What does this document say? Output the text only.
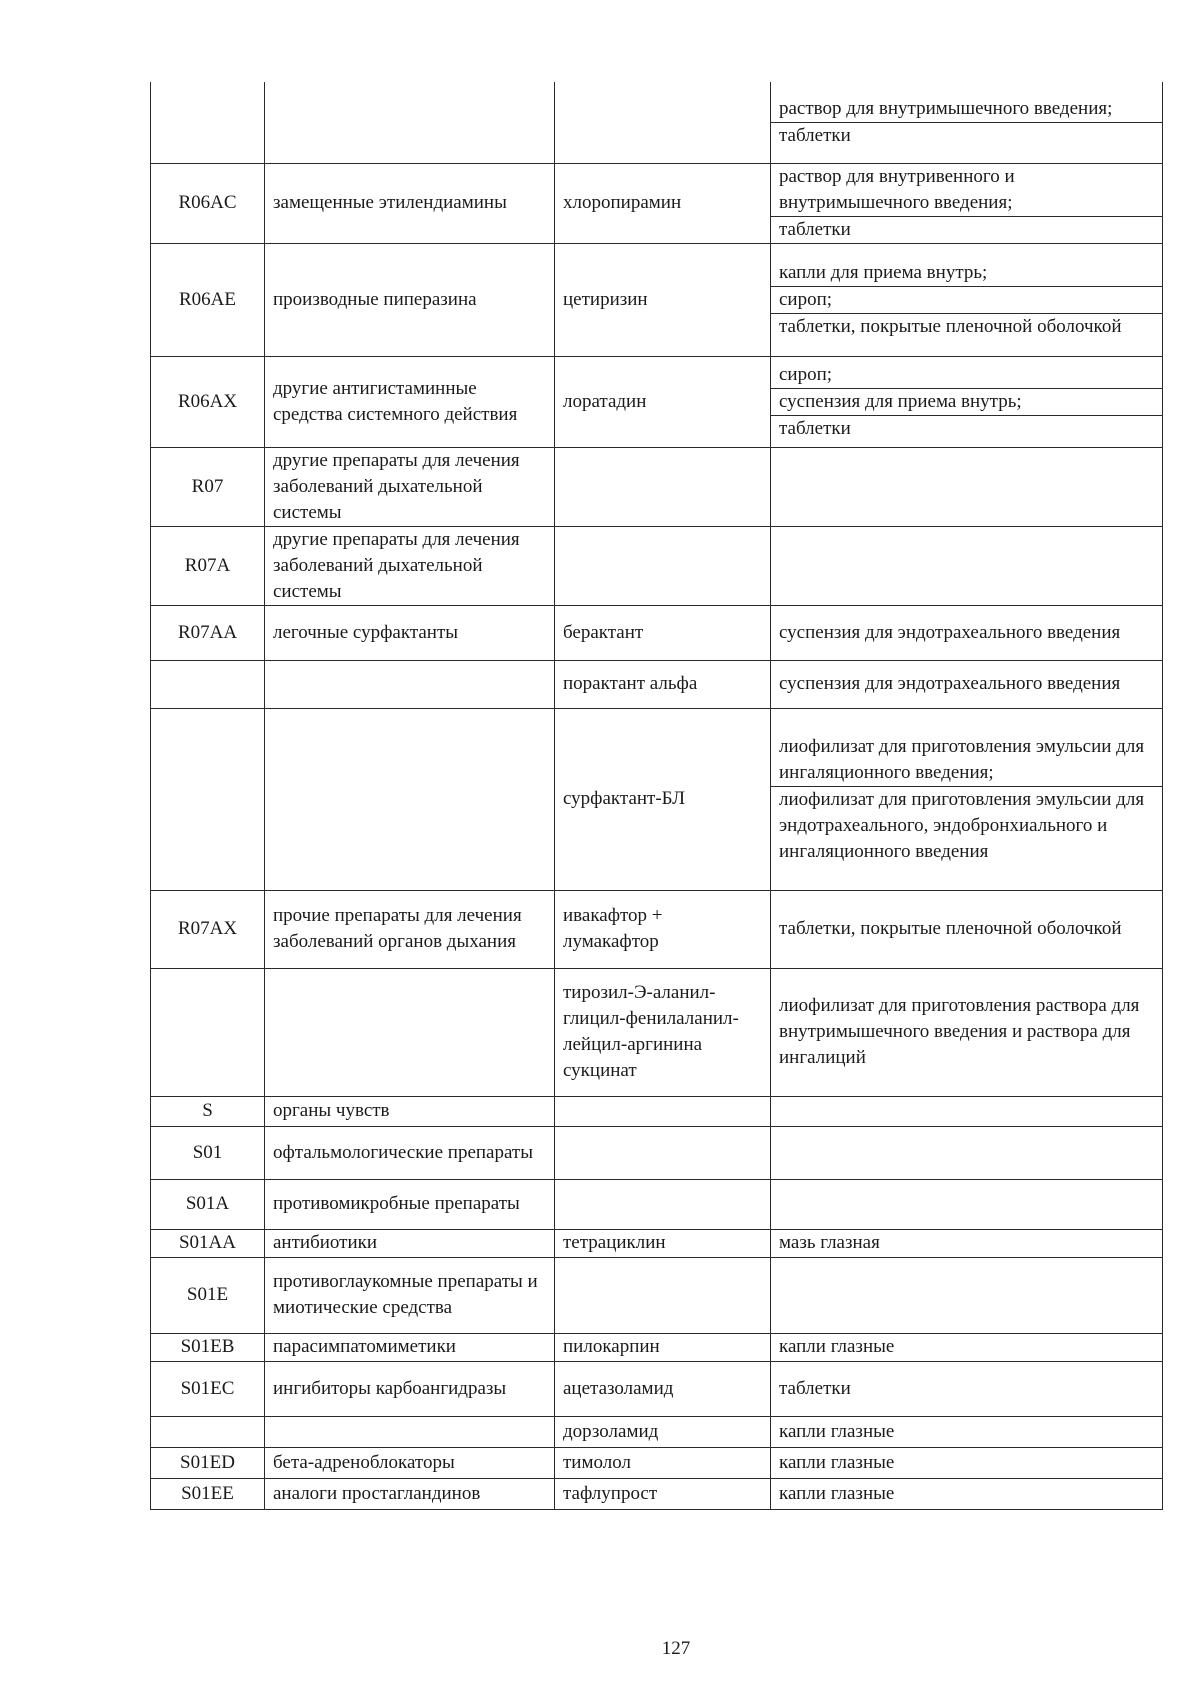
			раствор для внутримышечного введения;
таблетки

R06AC	замещенные этилендиамины	хлоропирамин	раствор для внутривенного и внутримышечного введения;
таблетки

R06AE	производные пиперазина	цетиризин	капли для приема внутрь;
сироп;
таблетки, покрытые пленочной оболочкой

R06AX	другие антигистаминные средства системного действия	лоратадин	сироп;
суспензия для приема внутрь;
таблетки

R07	другие препараты для лечения заболеваний дыхательной системы		
R07A	другие препараты для лечения заболеваний дыхательной системы		
R07AA	легочные сурфактанты	берактант	суспензия для эндотрахеального введения

		порактант альфа	суспензия для эндотрахеального введения

		сурфактант-БЛ	лиофилизат для приготовления эмульсии для ингаляционного введения;
лиофилизат для приготовления эмульсии для эндотрахеального, эндобронхиального и ингаляционного введения

R07AX	прочие препараты для лечения заболеваний органов дыхания	ивакафтор + лумакафтор	таблетки, покрытые пленочной оболочкой

		тирозил-Э-аланил-глицил-фенилаланил-лейцил-аргинина сукцинат	лиофилизат для приготовления раствора для внутримышечного введения и раствора для ингалиций

S	органы чувств		
S01	офтальмологические препараты		
S01A	противомикробные препараты		
S01AA	антибиотики	тетрациклин	мазь глазная

S01E	противоглаукомные препараты и миотические средства		
S01EB	парасимпатомиметики	пилокарпин	капли глазные

S01EC	ингибиторы карбоангидразы	ацетазоламид	таблетки

		дорзоламид	капли глазные

S01ED	бета-адреноблокаторы	тимолол	капли глазные

S01EE	аналоги простагландинов	тафлупрост	капли глазные
127
